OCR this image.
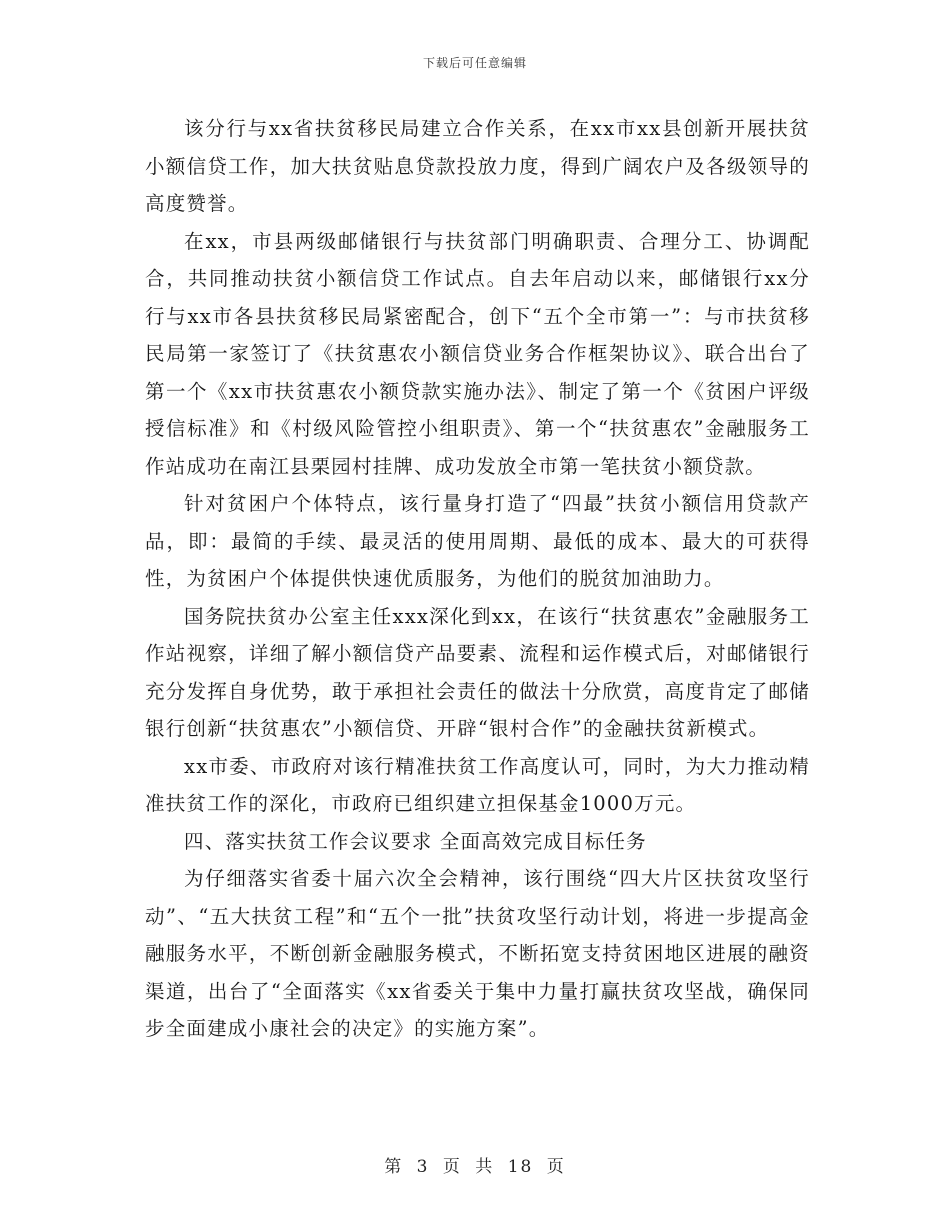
下载后可任意编辑

该分行与xx省扶贫移民局建立合作关系，在xx市xx县创新开展扶贫小额信贷工作，加大扶贫贴息贷款投放力度，得到广阔农户及各级领导的高度赞誉。

在xx，市县两级邮储银行与扶贫部门明确职责、合理分工、协调配合，共同推动扶贫小额信贷工作试点。自去年启动以来，邮储银行xx分行与xx市各县扶贫移民局紧密配合，创下“五个全市第一”：与市扶贫移民局第一家签订了《扶贫惠农小额信贷业务合作框架协议》、联合出台了第一个《xx市扶贫惠农小额贷款实施办法》、制定了第一个《贫困户评级授信标准》和《村级风险管控小组职责》、第一个“扶贫惠农”金融服务工作站成功在南江县栗园村挂牌、成功发放全市第一笔扶贫小额贷款。

针对贫困户个体特点，该行量身打造了“四最”扶贫小额信用贷款产品，即：最简的手续、最灵活的使用周期、最低的成本、最大的可获得性，为贫困户个体提供快速优质服务，为他们的脱贫加油助力。

国务院扶贫办公室主任xxx深化到xx，在该行“扶贫惠农”金融服务工作站视察，详细了解小额信贷产品要素、流程和运作模式后，对邮储银行充分发挥自身优势，敢于承担社会责任的做法十分欣赏，高度肯定了邮储银行创新“扶贫惠农”小额信贷、开辟“银村合作”的金融扶贫新模式。

xx市委、市政府对该行精准扶贫工作高度认可，同时，为大力推动精准扶贫工作的深化，市政府已组织建立担保基金1000万元。

四、落实扶贫工作会议要求 全面高效完成目标任务

为仔细落实省委十届六次全会精神，该行围绕“四大片区扶贫攻坚行动”、“五大扶贫工程”和“五个一批”扶贫攻坚行动计划，将进一步提高金融服务水平，不断创新金融服务模式，不断拓宽支持贫困地区进展的融资渠道，出台了“全面落实《xx省委关于集中力量打赢扶贫攻坚战，确保同步全面建成小康社会的决定》的实施方案”。

第 3 页 共 18 页
